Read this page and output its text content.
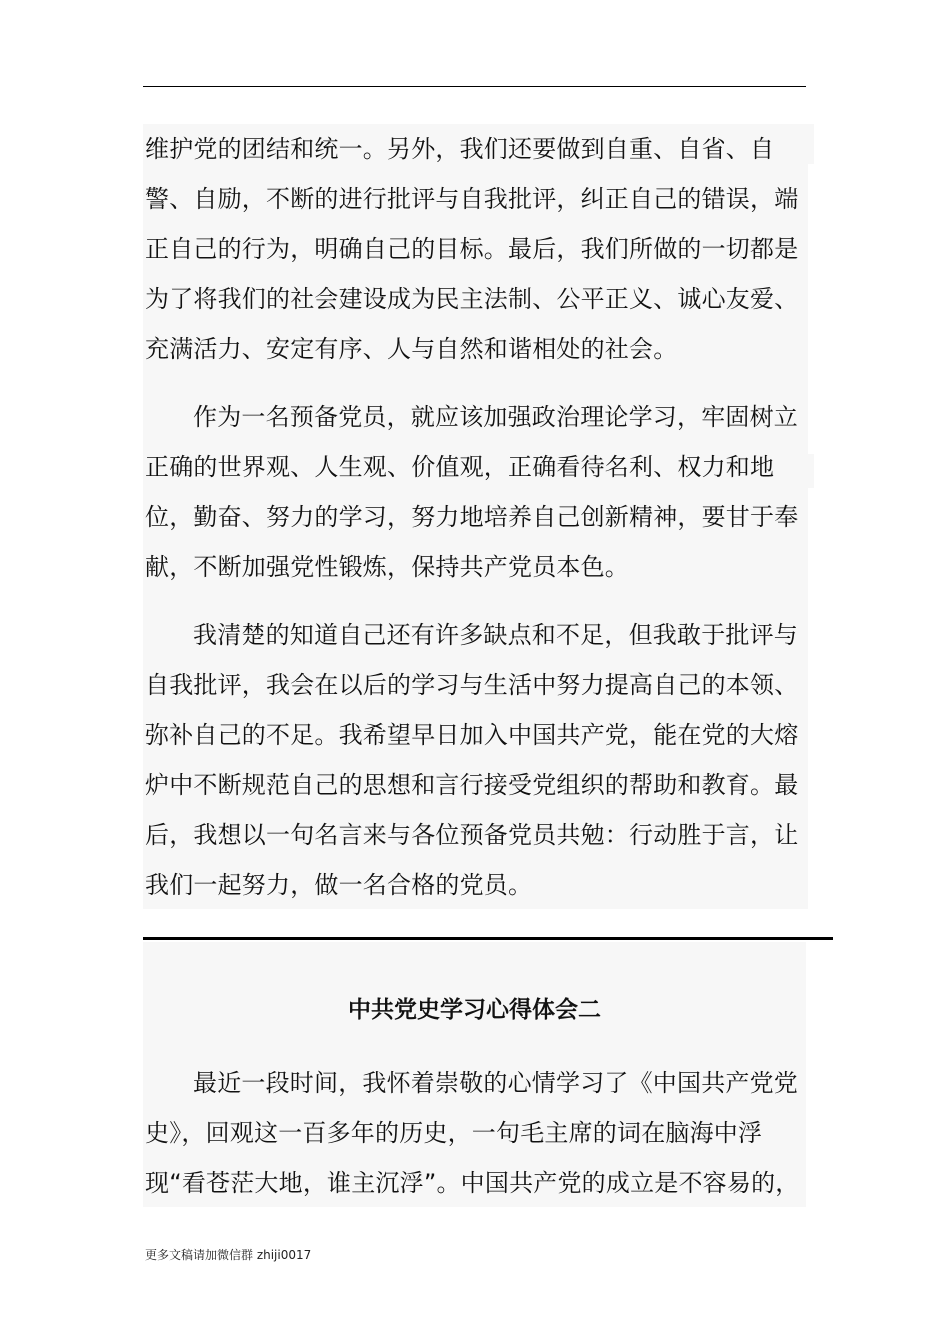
维护党的团结和统一。另外，我们还要做到自重、自省、自警、自励，不断的进行批评与自我批评，纠正自己的错误，端正自己的行为，明确自己的目标。最后，我们所做的一切都是为了将我们的社会建设成为民主法制、公平正义、诚心友爱、充满活力、安定有序、人与自然和谐相处的社会。

作为一名预备党员，就应该加强政治理论学习，牢固树立正确的世界观、人生观、价值观，正确看待名利、权力和地位，勤奋、努力的学习，努力地培养自己创新精神，要甘于奉献，不断加强党性锻炼，保持共产党员本色。

我清楚的知道自己还有许多缺点和不足，但我敢于批评与自我批评，我会在以后的学习与生活中努力提高自己的本领、弥补自己的不足。我希望早日加入中国共产党，能在党的大熔炉中不断规范自己的思想和言行接受党组织的帮助和教育。最后，我想以一句名言来与各位预备党员共勉：行动胜于言，让我们一起努力，做一名合格的党员。

中共党史学习心得体会二

最近一段时间，我怀着崇敬的心情学习了《中国共产党党史》，回观这一百多年的历史，一句毛主席的词在脑海中浮现“看苍茫大地，谁主沉浮”。中国共产党的成立是不容易的，

更多文稿请加微信群 zhiji0017
